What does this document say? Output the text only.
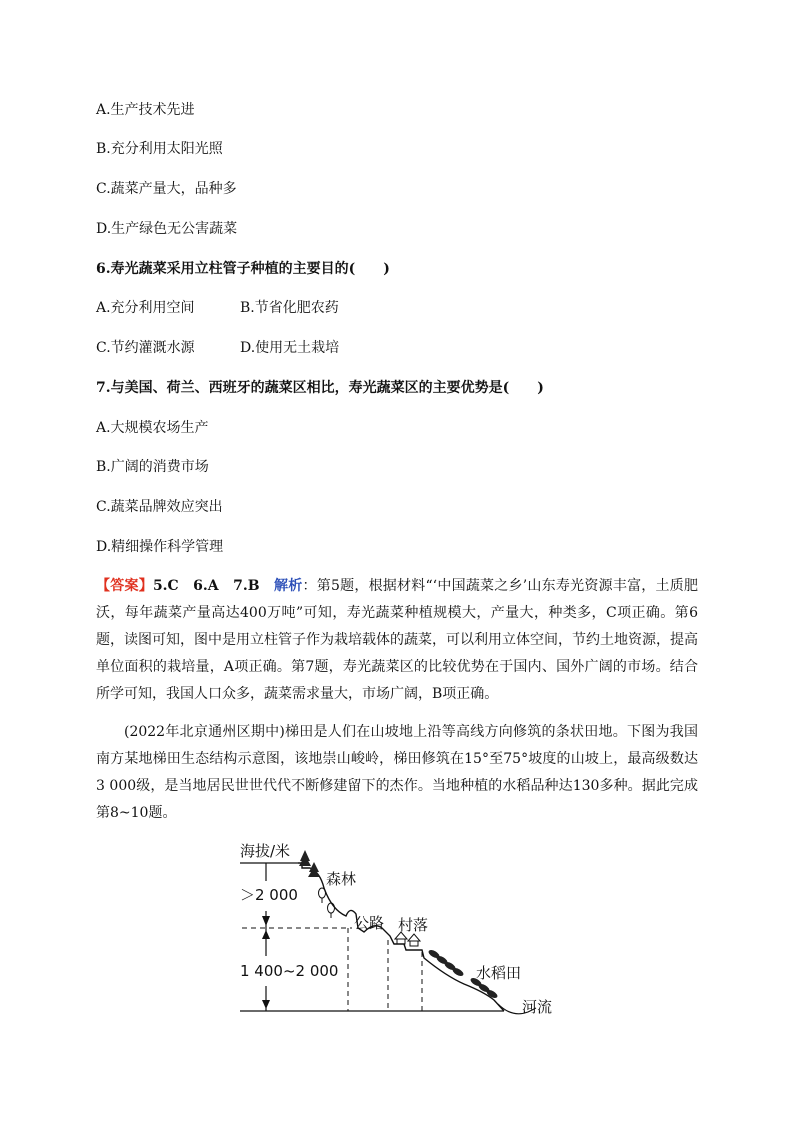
A.生产技术先进
B.充分利用太阳光照
C.蔬菜产量大，品种多
D.生产绿色无公害蔬菜
6.寿光蔬菜采用立柱管子种植的主要目的(　　)
A.充分利用空间	B.节省化肥农药
C.节约灌溉水源	D.使用无土栽培
7.与美国、荷兰、西班牙的蔬菜区相比，寿光蔬菜区的主要优势是(　　)
A.大规模农场生产
B.广阔的消费市场
C.蔬菜品牌效应突出
D.精细操作科学管理
【答案】5.C　6.A　7.B　解析：第5题，根据材料“‘中国蔬菜之乡’山东寿光资源丰富，土质肥沃，每年蔬菜产量高达400万吨”可知，寿光蔬菜种植规模大，产量大，种类多，C项正确。第6题，读图可知，图中是用立柱管子作为栽培载体的蔬菜，可以利用立体空间，节约土地资源，提高单位面积的栽培量，A项正确。第7题，寿光蔬菜区的比较优势在于国内、国外广阔的市场。结合所学可知，我国人口众多，蔬菜需求量大，市场广阔，B项正确。
(2022年北京通州区期中)梯田是人们在山坡地上沿等高线方向修筑的条状田地。下图为我国南方某地梯田生态结构示意图，该地崇山峻岭，梯田修筑在15°至75°坡度的山坡上，最高级数达3 000级，是当地居民世世代代不断修建留下的杰作。当地种植的水稻品种达130多种。据此完成第8~10题。
海拔/米
＞2 000
1 400~2 000
森林
公路 村落
水稻田
河流
